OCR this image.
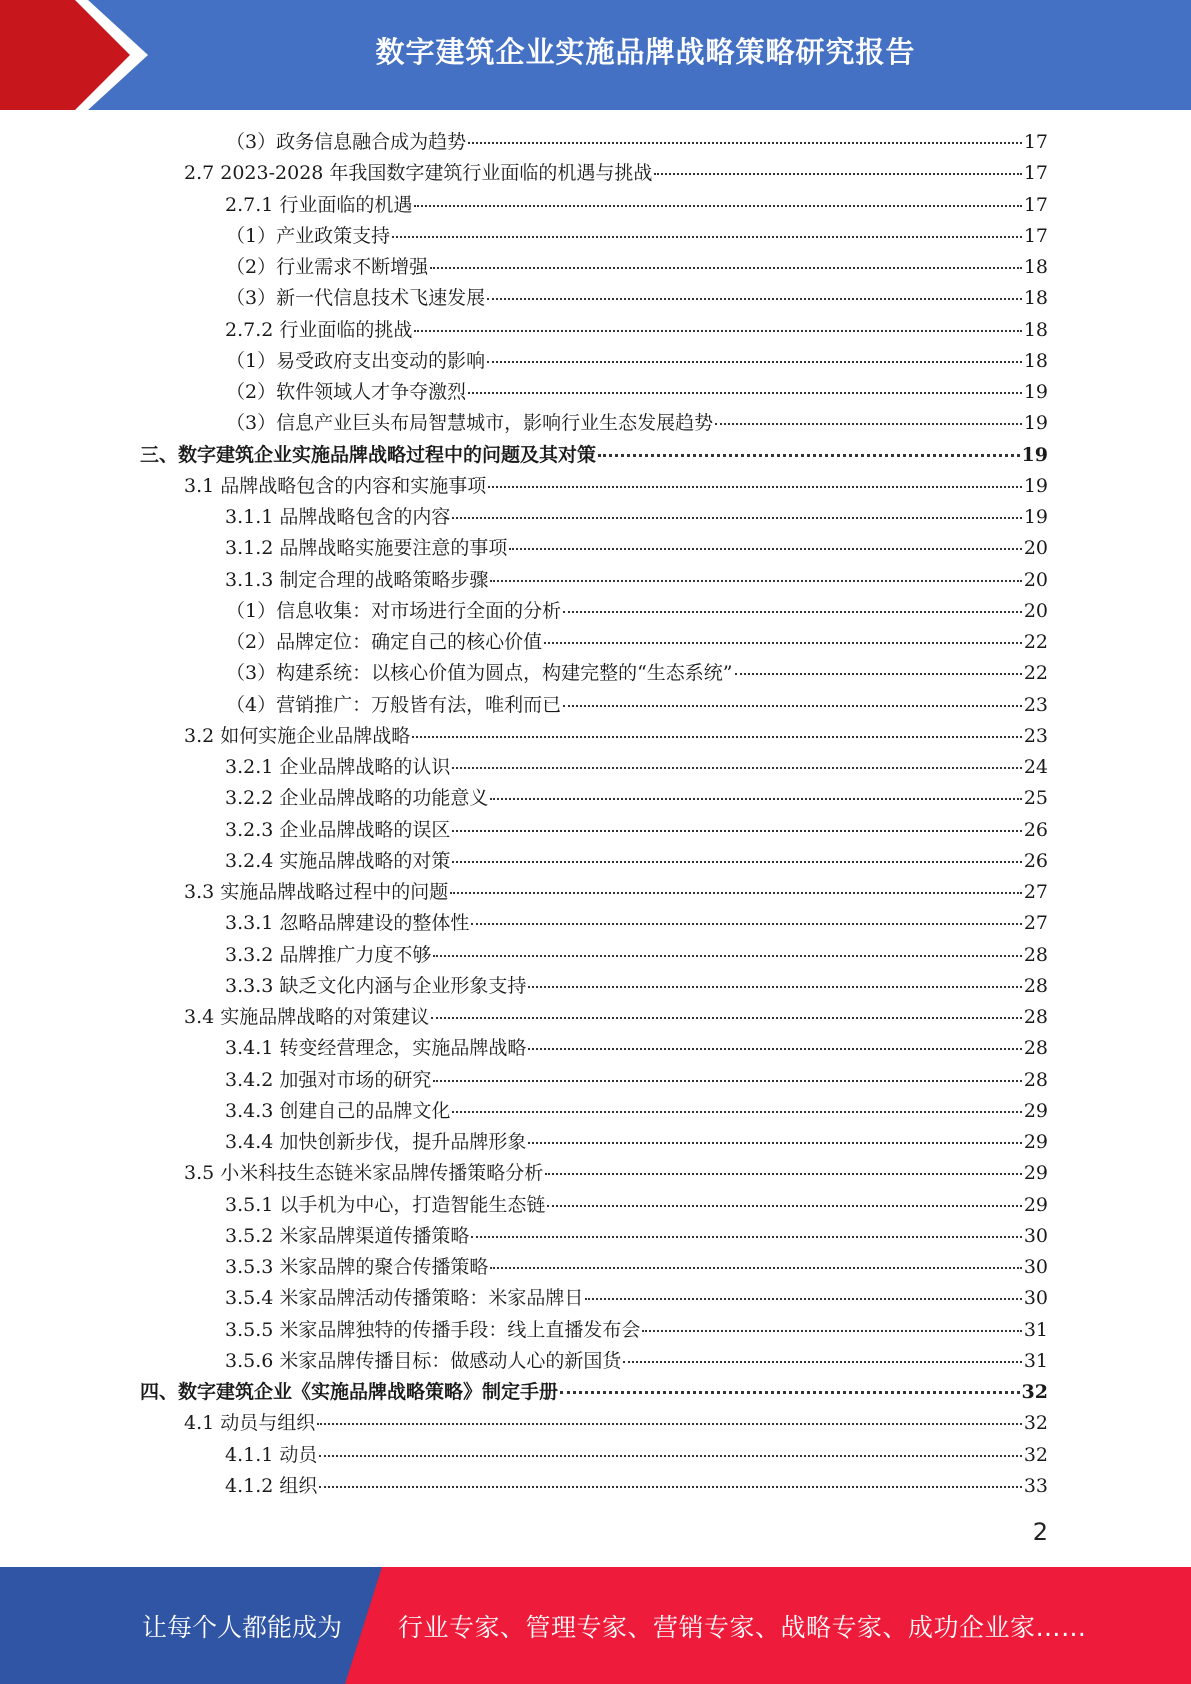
数字建筑企业实施品牌战略策略研究报告
（3）政务信息融合成为趋势	17
2.7 2023-2028 年我国数字建筑行业面临的机遇与挑战	17
2.7.1 行业面临的机遇	17
（1）产业政策支持	17
（2）行业需求不断增强	18
（3）新一代信息技术飞速发展	18
2.7.2 行业面临的挑战	18
（1）易受政府支出变动的影响	18
（2）软件领域人才争夺激烈	19
（3）信息产业巨头布局智慧城市，影响行业生态发展趋势	19
三、数字建筑企业实施品牌战略过程中的问题及其对策	19
3.1 品牌战略包含的内容和实施事项	19
3.1.1 品牌战略包含的内容	19
3.1.2 品牌战略实施要注意的事项	20
3.1.3 制定合理的战略策略步骤	20
（1）信息收集：对市场进行全面的分析	20
（2）品牌定位：确定自己的核心价值	22
（3）构建系统：以核心价值为圆点，构建完整的“生态系统”	22
（4）营销推广：万般皆有法，唯利而已	23
3.2 如何实施企业品牌战略	23
3.2.1 企业品牌战略的认识	24
3.2.2 企业品牌战略的功能意义	25
3.2.3 企业品牌战略的误区	26
3.2.4 实施品牌战略的对策	26
3.3 实施品牌战略过程中的问题	27
3.3.1 忽略品牌建设的整体性	27
3.3.2 品牌推广力度不够	28
3.3.3 缺乏文化内涵与企业形象支持	28
3.4 实施品牌战略的对策建议	28
3.4.1 转变经营理念，实施品牌战略	28
3.4.2 加强对市场的研究	28
3.4.3 创建自己的品牌文化	29
3.4.4 加快创新步伐，提升品牌形象	29
3.5 小米科技生态链米家品牌传播策略分析	29
3.5.1 以手机为中心，打造智能生态链	29
3.5.2 米家品牌渠道传播策略	30
3.5.3 米家品牌的聚合传播策略	30
3.5.4 米家品牌活动传播策略：米家品牌日	30
3.5.5 米家品牌独特的传播手段：线上直播发布会	31
3.5.6 米家品牌传播目标：做感动人心的新国货	31
四、数字建筑企业《实施品牌战略策略》制定手册	32
4.1 动员与组织	32
4.1.1 动员	32
4.1.2 组织	33
2
让每个人都能成为 行业专家、管理专家、营销专家、战略专家、成功企业家……
